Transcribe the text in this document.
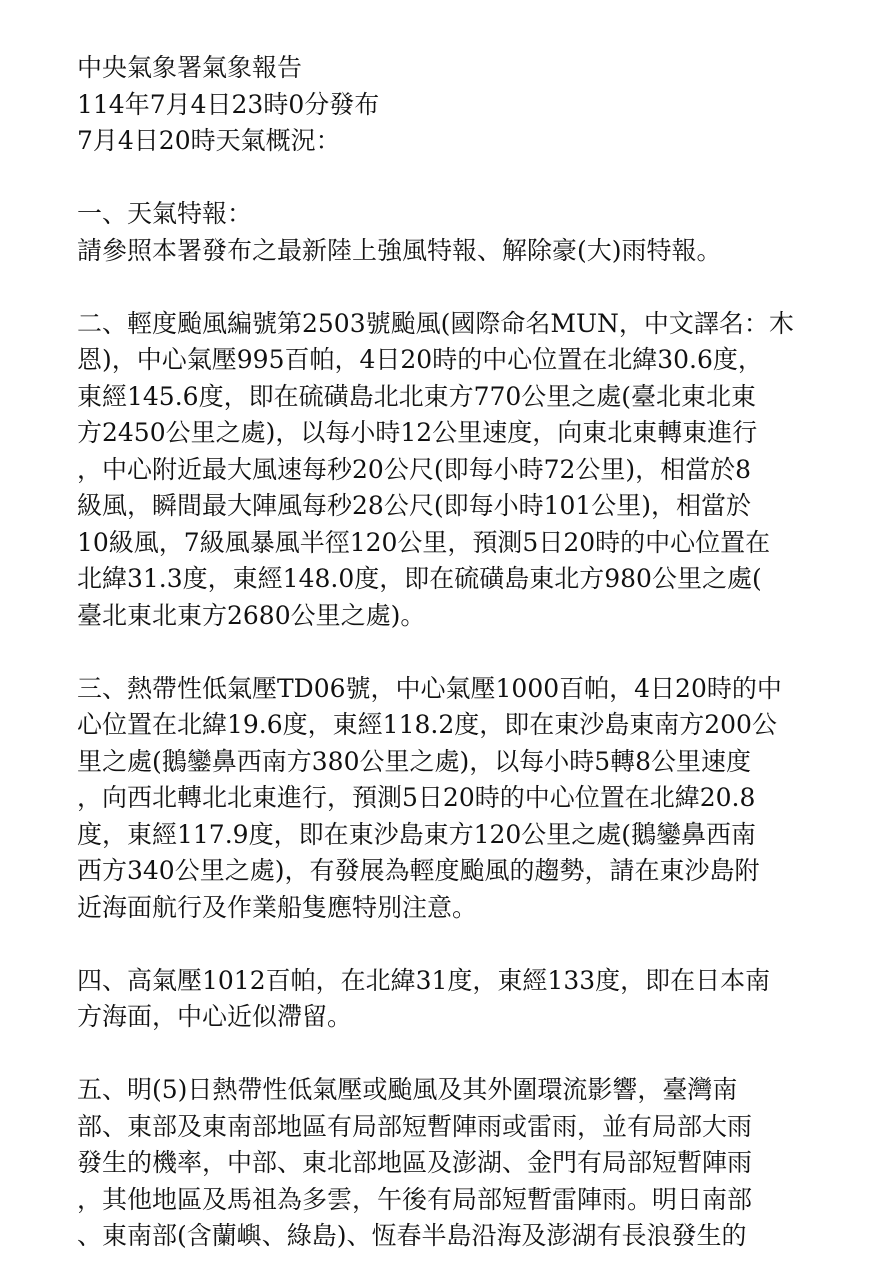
中央氣象署氣象報告
114年7月4日23時0分發布
7月4日20時天氣概況：
一、天氣特報：
請參照本署發布之最新陸上強風特報、解除豪(大)雨特報。
二、輕度颱風編號第2503號颱風(國際命名MUN，中文譯名：木
恩)，中心氣壓995百帕，4日20時的中心位置在北緯30.6度，
東經145.6度，即在硫磺島北北東方770公里之處(臺北東北東
方2450公里之處)，以每小時12公里速度，向東北東轉東進行
，中心附近最大風速每秒20公尺(即每小時72公里)，相當於8
級風，瞬間最大陣風每秒28公尺(即每小時101公里)，相當於
10級風，7級風暴風半徑120公里，預測5日20時的中心位置在
北緯31.3度，東經148.0度，即在硫磺島東北方980公里之處(
臺北東北東方2680公里之處)。
三、熱帶性低氣壓TD06號，中心氣壓1000百帕，4日20時的中
心位置在北緯19.6度，東經118.2度，即在東沙島東南方200公
里之處(鵝鑾鼻西南方380公里之處)，以每小時5轉8公里速度
，向西北轉北北東進行，預測5日20時的中心位置在北緯20.8
度，東經117.9度，即在東沙島東方120公里之處(鵝鑾鼻西南
西方340公里之處)，有發展為輕度颱風的趨勢，請在東沙島附
近海面航行及作業船隻應特別注意。
四、高氣壓1012百帕，在北緯31度，東經133度，即在日本南
方海面，中心近似滯留。
五、明(5)日熱帶性低氣壓或颱風及其外圍環流影響，臺灣南
部、東部及東南部地區有局部短暫陣雨或雷雨，並有局部大雨
發生的機率，中部、東北部地區及澎湖、金門有局部短暫陣雨
，其他地區及馬祖為多雲，午後有局部短暫雷陣雨。明日南部
、東南部(含蘭嶼、綠島)、恆春半島沿海及澎湖有長浪發生的
